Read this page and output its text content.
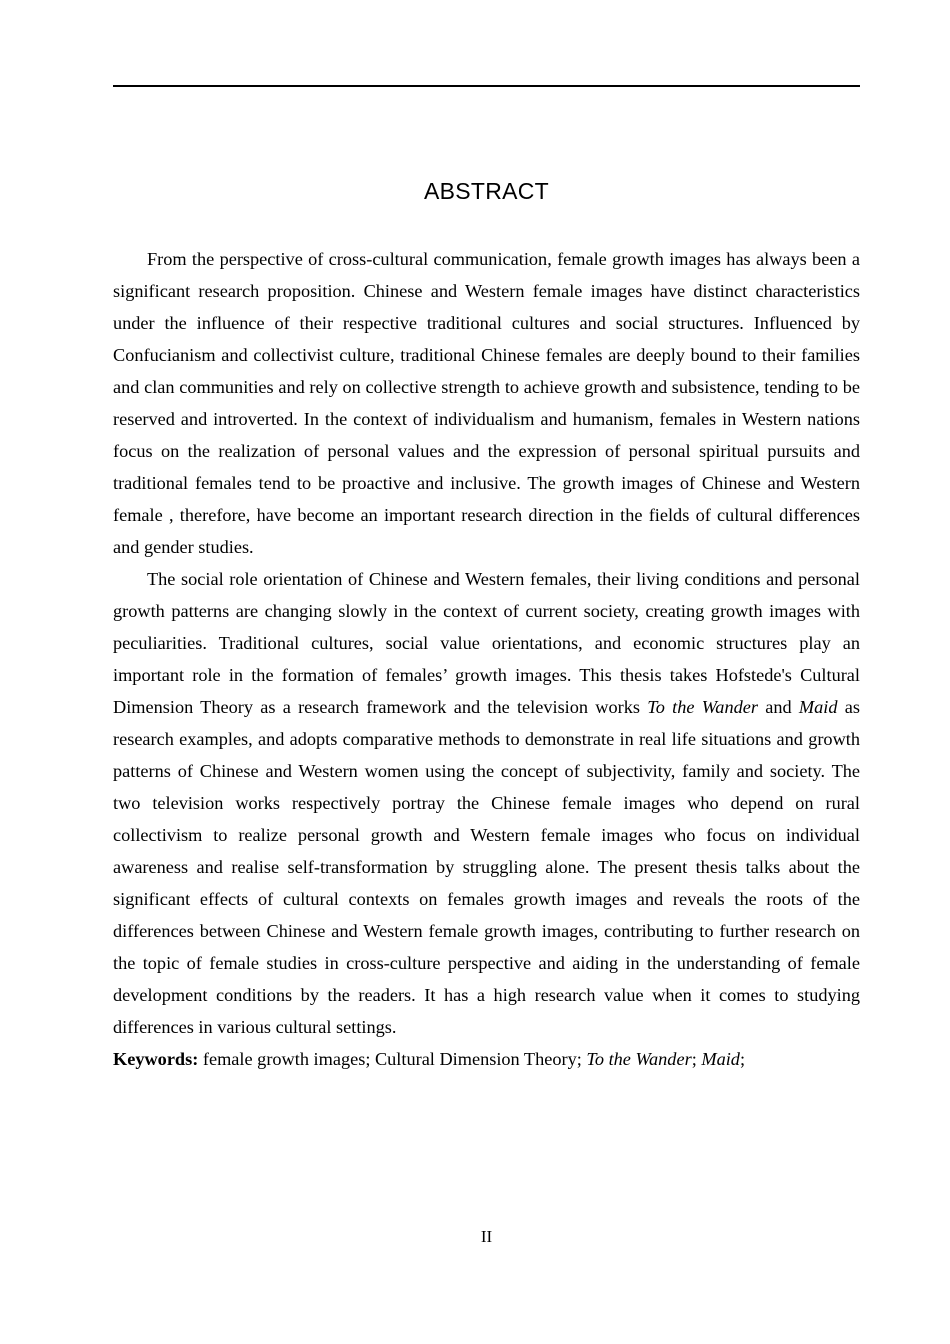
ABSTRACT

From the perspective of cross-cultural communication, female growth images has always been a significant research proposition. Chinese and Western female images have distinct characteristics under the influence of their respective traditional cultures and social structures. Influenced by Confucianism and collectivist culture, traditional Chinese females are deeply bound to their families and clan communities and rely on collective strength to achieve growth and subsistence, tending to be reserved and introverted. In the context of individualism and humanism, females in Western nations focus on the realization of personal values and the expression of personal spiritual pursuits and traditional females tend to be proactive and inclusive. The growth images of Chinese and Western female , therefore, have become an important research direction in the fields of cultural differences and gender studies.

The social role orientation of Chinese and Western females, their living conditions and personal growth patterns are changing slowly in the context of current society, creating growth images with peculiarities. Traditional cultures, social value orientations, and economic structures play an important role in the formation of females’ growth images. This thesis takes Hofstede's Cultural Dimension Theory as a research framework and the television works To the Wander and Maid as research examples, and adopts comparative methods to demonstrate in real life situations and growth patterns of Chinese and Western women using the concept of subjectivity, family and society. The two television works respectively portray the Chinese female images who depend on rural collectivism to realize personal growth and Western female images who focus on individual awareness and realise self-transformation by struggling alone. The present thesis talks about the significant effects of cultural contexts on females growth images and reveals the roots of the differences between Chinese and Western female growth images, contributing to further research on the topic of female studies in cross-culture perspective and aiding in the understanding of female development conditions by the readers. It has a high research value when it comes to studying differences in various cultural settings.

Keywords: female growth images; Cultural Dimension Theory; To the Wander; Maid;

II
